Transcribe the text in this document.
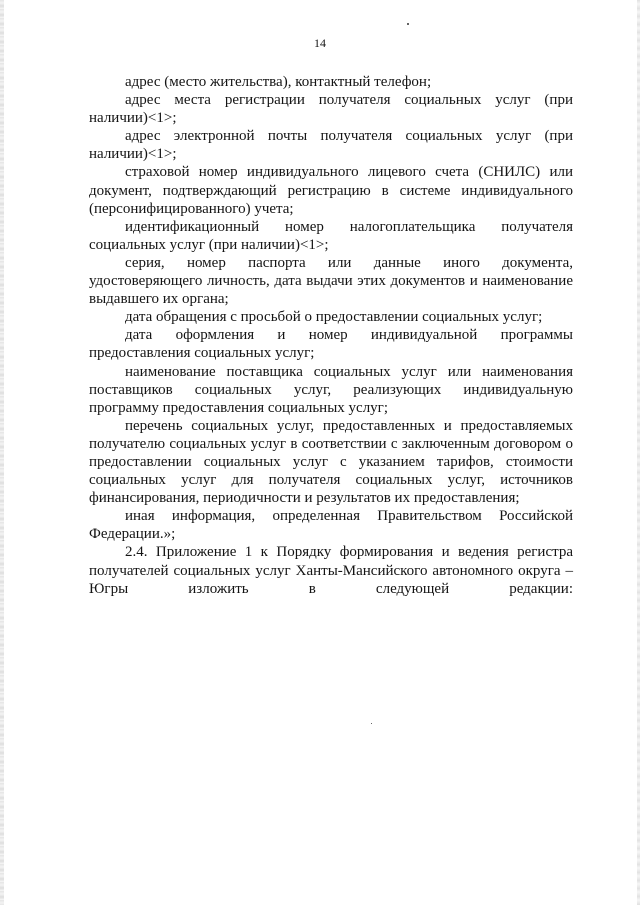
14

адрес (место жительства), контактный телефон;

адрес места регистрации получателя социальных услуг (при наличии)<1>;

адрес электронной почты получателя социальных услуг (при наличии)<1>;

страховой номер индивидуального лицевого счета (СНИЛС) или документ, подтверждающий регистрацию в системе индивидуального (персонифицированного) учета;

идентификационный номер налогоплательщика получателя социальных услуг (при наличии)<1>;

серия, номер паспорта или данные иного документа, удостоверяющего личность, дата выдачи этих документов и наименование выдавшего их органа;

дата обращения с просьбой о предоставлении социальных услуг;

дата оформления и номер индивидуальной программы предоставления социальных услуг;

наименование поставщика социальных услуг или наименования поставщиков социальных услуг, реализующих индивидуальную программу предоставления социальных услуг;

перечень социальных услуг, предоставленных и предоставляемых получателю социальных услуг в соответствии с заключенным договором о предоставлении социальных услуг с указанием тарифов, стоимости социальных услуг для получателя социальных услуг, источников финансирования, периодичности и результатов их предоставления;

иная информация, определенная Правительством Российской Федерации.»;

2.4. Приложение 1 к Порядку формирования и ведения регистра получателей социальных услуг Ханты-Мансийского автономного округа – Югры изложить в следующей редакции:
